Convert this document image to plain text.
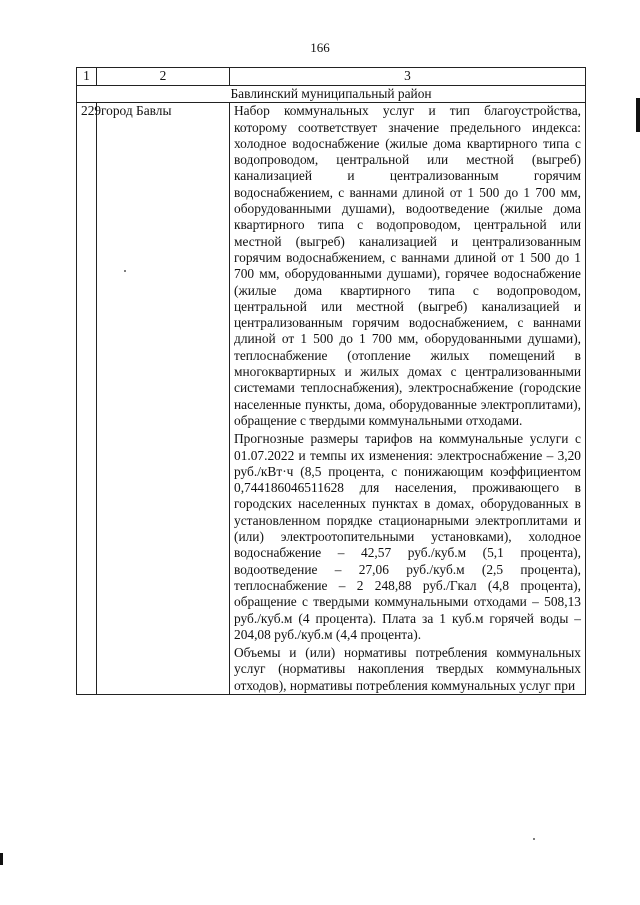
166
1	2	3
Бавлинский муниципальный район		
229	город Бавлы	Набор коммунальных услуг и тип благоустройства, которому соответствует значение предельного индекса: холодное водоснабжение (жилые дома квартирного типа с водопроводом, центральной или местной (выгреб) канализацией и централизованным горячим водоснабжением, с ваннами длиной от 1 500 до 1 700 мм, оборудованными душами), водоотведение (жилые дома квартирного типа с водопроводом, центральной или местной (выгреб) канализацией и централизованным горячим водоснабжением, с ваннами длиной от 1 500 до 1 700 мм, оборудованными душами), горячее водоснабжение (жилые дома квартирного типа с водопроводом, центральной или местной (выгреб) канализацией и централизованным горячим водоснабжением, с ваннами длиной от 1 500 до 1 700 мм, оборудованными душами), теплоснабжение (отопление жилых помещений в многоквартирных и жилых домах с централизованными системами теплоснабжения), электроснабжение (городские населенные пункты, дома, оборудованные электроплитами), обращение с твердыми коммунальными отходами.
Прогнозные размеры тарифов на коммунальные услуги с 01.07.2022 и темпы их изменения: электроснабжение – 3,20 руб./кВт·ч (8,5 процента, с понижающим коэффициентом 0,744186046511628 для населения, проживающего в городских населенных пунктах в домах, оборудованных в установленном порядке стационарными электроплитами и (или) электроотопительными установками), холодное водоснабжение – 42,57 руб./куб.м (5,1 процента), водоотведение – 27,06 руб./куб.м (2,5 процента), теплоснабжение – 2 248,88 руб./Гкал (4,8 процента), обращение с твердыми коммунальными отходами – 508,13 руб./куб.м (4 процента). Плата за 1 куб.м горячей воды – 204,08 руб./куб.м (4,4 процента).
Объемы и (или) нормативы потребления коммунальных услуг (нормативы накопления твердых коммунальных отходов), нормативы потребления коммунальных услуг при
